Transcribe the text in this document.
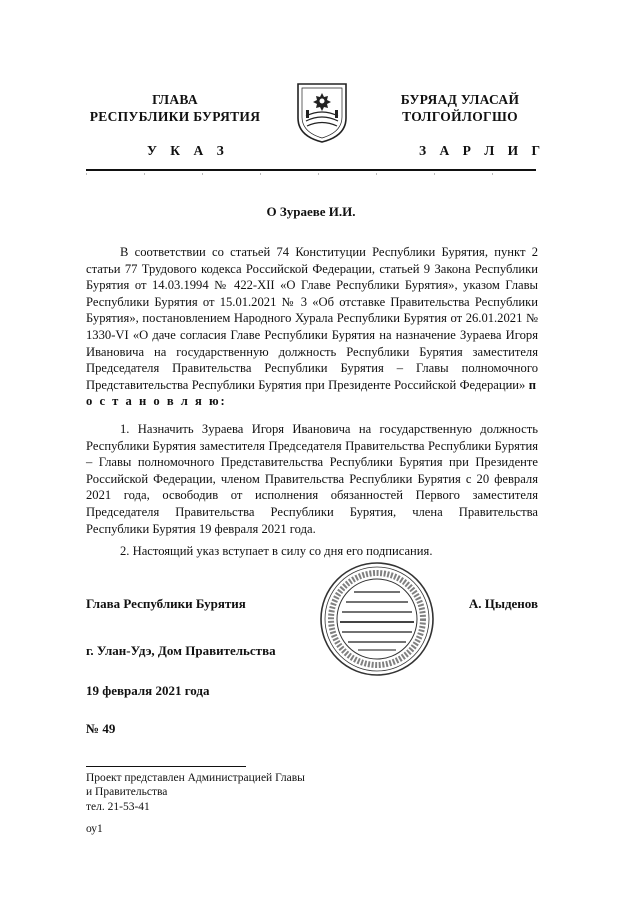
ГЛАВА
РЕСПУБЛИКИ БУРЯТИЯ
БУРЯАД УЛАСАЙ
ТОЛГОЙЛОГШО
У К А З	З А Р Л И Г
О Зураеве И.И.
В соответствии со статьей 74 Конституции Республики Бурятия, пункт 2 статьи 77 Трудового кодекса Российской Федерации, статьей 9 Закона Республики Бурятия от 14.03.1994 № 422-XII «О Главе Республики Бурятия», указом Главы Республики Бурятия от 15.01.2021 № 3 «Об отставке Правительства Республики Бурятия», постановлением Народного Хурала Республики Бурятия от 26.01.2021 № 1330-VI «О даче согласия Главе Республики Бурятия на назначение Зураева Игоря Ивановича на государственную должность Республики Бурятия заместителя Председателя Правительства Республики Бурятия – Главы полномочного Представительства Республики Бурятия при Президенте Российской Федерации» п о с т а н о в л я ю:
1. Назначить Зураева Игоря Ивановича на государственную должность Республики Бурятия заместителя Председателя Правительства Республики Бурятия – Главы полномочного Представительства Республики Бурятия при Президенте Российской Федерации, членом Правительства Республики Бурятия с 20 февраля 2021 года, освободив от исполнения обязанностей Первого заместителя Председателя Правительства Республики Бурятия, члена Правительства Республики Бурятия 19 февраля 2021 года.
2. Настоящий указ вступает в силу со дня его подписания.
Глава Республики Бурятия	А. Цыденов
г. Улан-Удэ, Дом Правительства
19 февраля 2021 года
№ 49
Проект представлен Администрацией Главы
и Правительства
тел. 21-53-41
оу1
